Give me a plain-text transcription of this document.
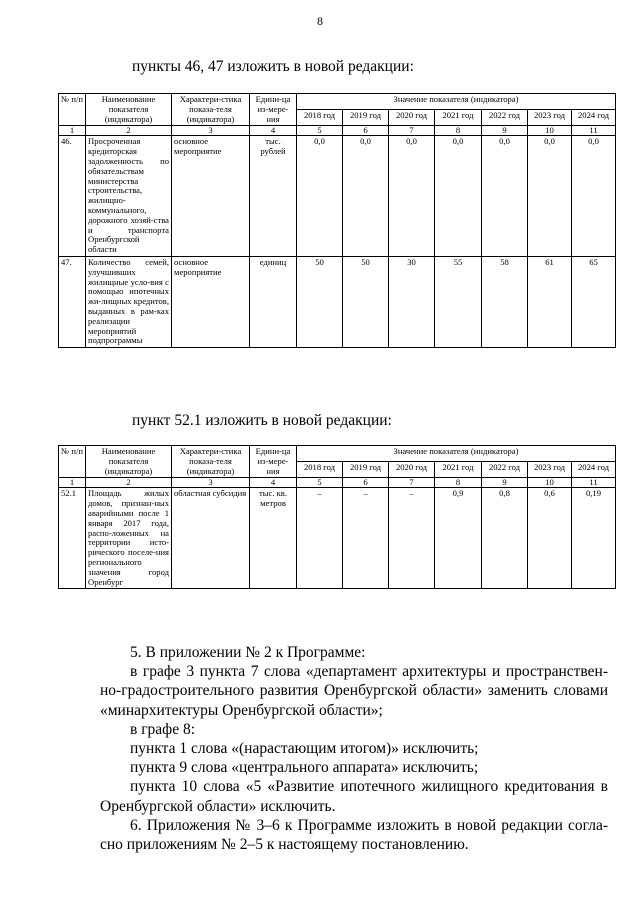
8
пункты 46, 47 изложить в новой редакции:
№ п/п	Наименование показателя (индикатора)	Характери-стика показа-теля (индикатора)	Едини-ца из-мере-ния	Значение показателя (индикатора)						
				2018 год	2019 год	2020 год	2021 год	2022 год	2023 год	2024 год
1	2	3	4	5	6	7	8	9	10	11
46.	Просроченная кредиторская задолженность по обязательствам министерства строительства, жилищно-коммунального, дорожного хозяй-ства и транспорта Оренбургской области	основное мероприятие	тыс. рублей	0,0	0,0	0,0	0,0	0,0	0,0	0,0
47.	Количество семей, улучшивших жилищные усло-вия с помощью ипотечных жи-лищных кредитов, выданных в рам-ках реализации мероприятий подпрограммы	основное мероприятие	единиц	50	50	30	55	58	61	65
пункт 52.1 изложить в новой редакции:
№ п/п	Наименование показателя (индикатора)	Характери-стика показа-теля (индикатора)	Едини-ца из-мере-ния	Значение показателя (индикатора)						
				2018 год	2019 год	2020 год	2021 год	2022 год	2023 год	2024 год
1	2	3	4	5	6	7	8	9	10	11
52.1	Площадь жилых домов, признан-ных аварийными после 1 января 2017 года, распо-ложенных на территории исто-рического поселе-ния регионального значения город Оренбург	областная субсидия	тыс. кв. метров	–	–	–	0,9	0,8	0,6	0,19

5. В приложении № 2 к Программе:

в графе 3 пункта 7 слова «департамент архитектуры и пространствен-но-градостроительного развития Оренбургской области» заменить словами «минархитектуры Оренбургской области»;

в графе 8:

пункта 1 слова «(нарастающим итогом)» исключить;

пункта 9 слова «центрального аппарата» исключить;

пункта 10 слова «5 «Развитие ипотечного жилищного кредитования в Оренбургской области» исключить.

6. Приложения № 3–6 к Программе изложить в новой редакции согла-сно приложениям № 2–5 к настоящему постановлению.
